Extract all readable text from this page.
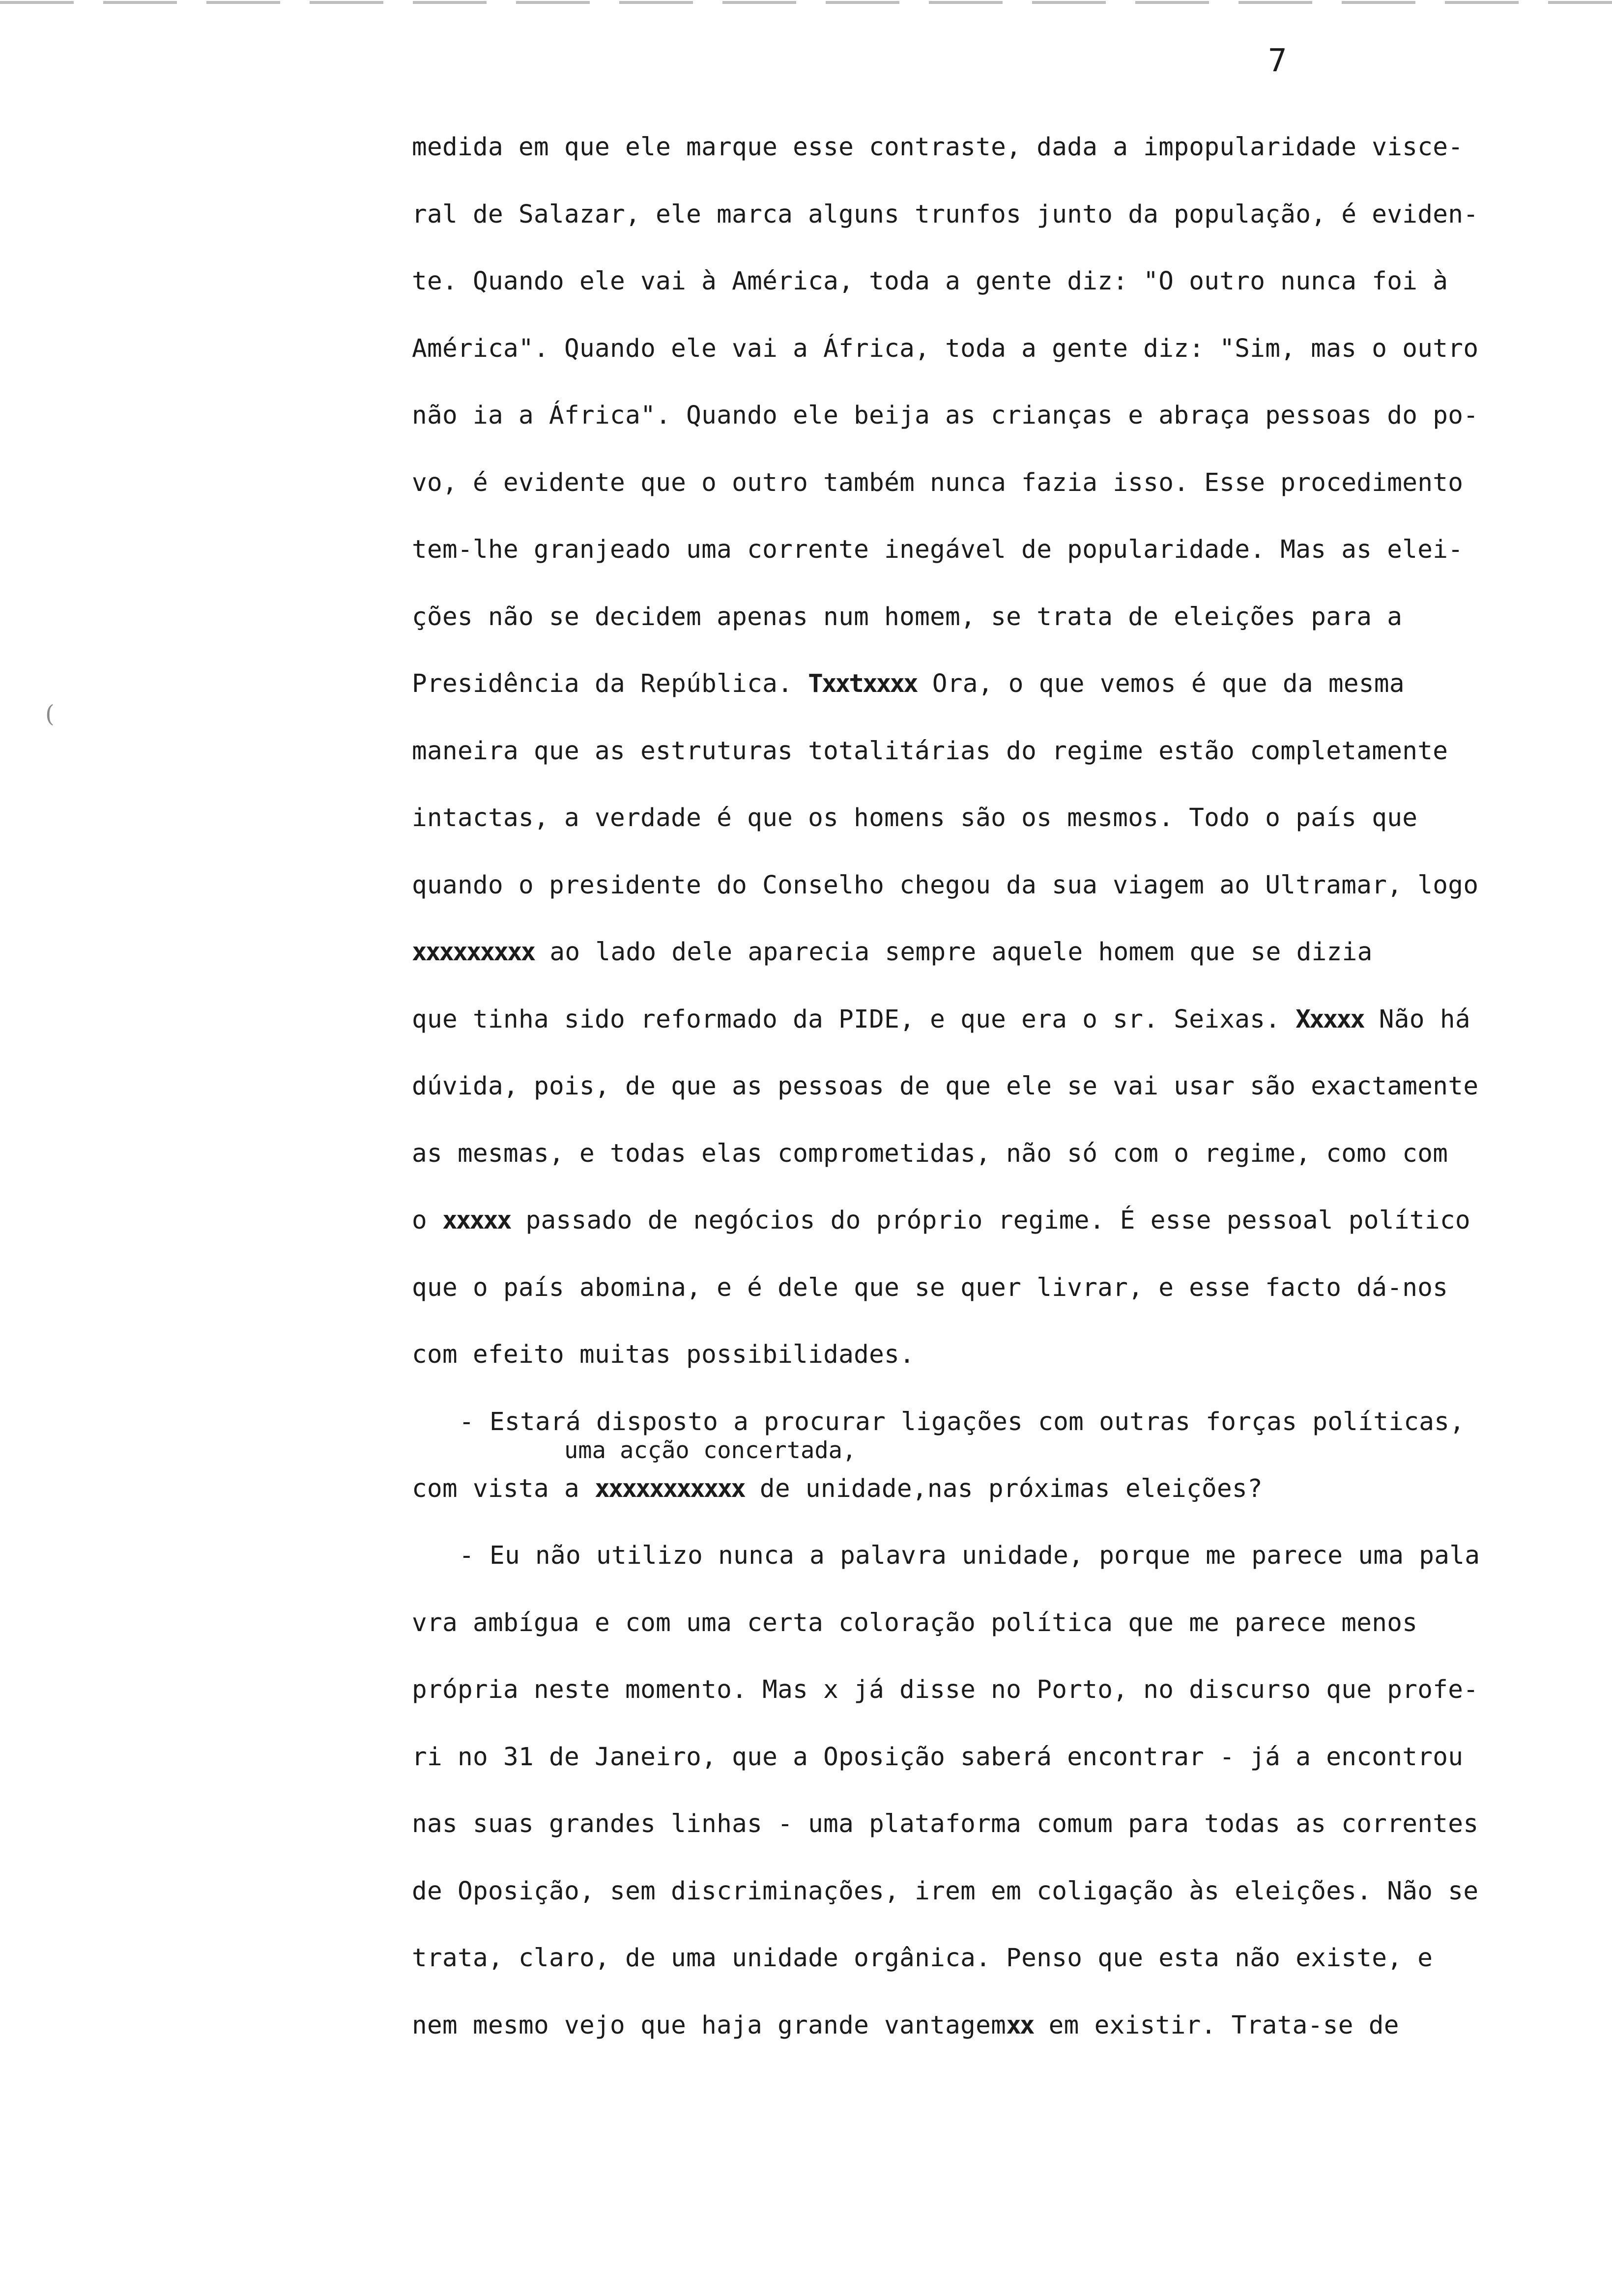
7
(
medida em que ele marque esse contraste, dada a impopularidade visce-
ral de Salazar, ele marca alguns trunfos junto da população, é eviden-
te. Quando ele vai à América, toda a gente diz: "O outro nunca foi à
América". Quando ele vai a África, toda a gente diz: "Sim, mas o outro
não ia a África". Quando ele beija as crianças e abraça pessoas do po-
vo, é evidente que o outro também nunca fazia isso. Esse procedimento
tem-lhe granjeado uma corrente inegável de popularidade. Mas as elei-
ções não se decidem apenas num homem, se trata de eleições para a
Presidência da República. Txxtxxxx Ora, o que vemos é que da mesma
maneira que as estruturas totalitárias do regime estão completamente
intactas, a verdade é que os homens são os mesmos. Todo o país que
quando o presidente do Conselho chegou da sua viagem ao Ultramar, logo
xxxxxxxxx ao lado dele aparecia sempre aquele homem que se dizia
que tinha sido reformado da PIDE, e que era o sr. Seixas. Xxxxx Não há
dúvida, pois, de que as pessoas de que ele se vai usar são exactamente
as mesmas, e todas elas comprometidas, não só com o regime, como com
o xxxxx passado de negócios do próprio regime. É esse pessoal político
que o país abomina, e é dele que se quer livrar, e esse facto dá-nos
com efeito muitas possibilidades.
- Estará disposto a procurar ligações com outras forças políticas,
uma acção concertada,
com vista a xxxxxxxxxxx de unidade,nas próximas eleições?
- Eu não utilizo nunca a palavra unidade, porque me parece uma pala
vra ambígua e com uma certa coloração política que me parece menos
própria neste momento. Mas x já disse no Porto, no discurso que profe-
ri no 31 de Janeiro, que a Oposição saberá encontrar - já a encontrou
nas suas grandes linhas - uma plataforma comum para todas as correntes
de Oposição, sem discriminações, irem em coligação às eleições. Não se
trata, claro, de uma unidade orgânica. Penso que esta não existe, e
nem mesmo vejo que haja grande vantagemxx em existir. Trata-se de
